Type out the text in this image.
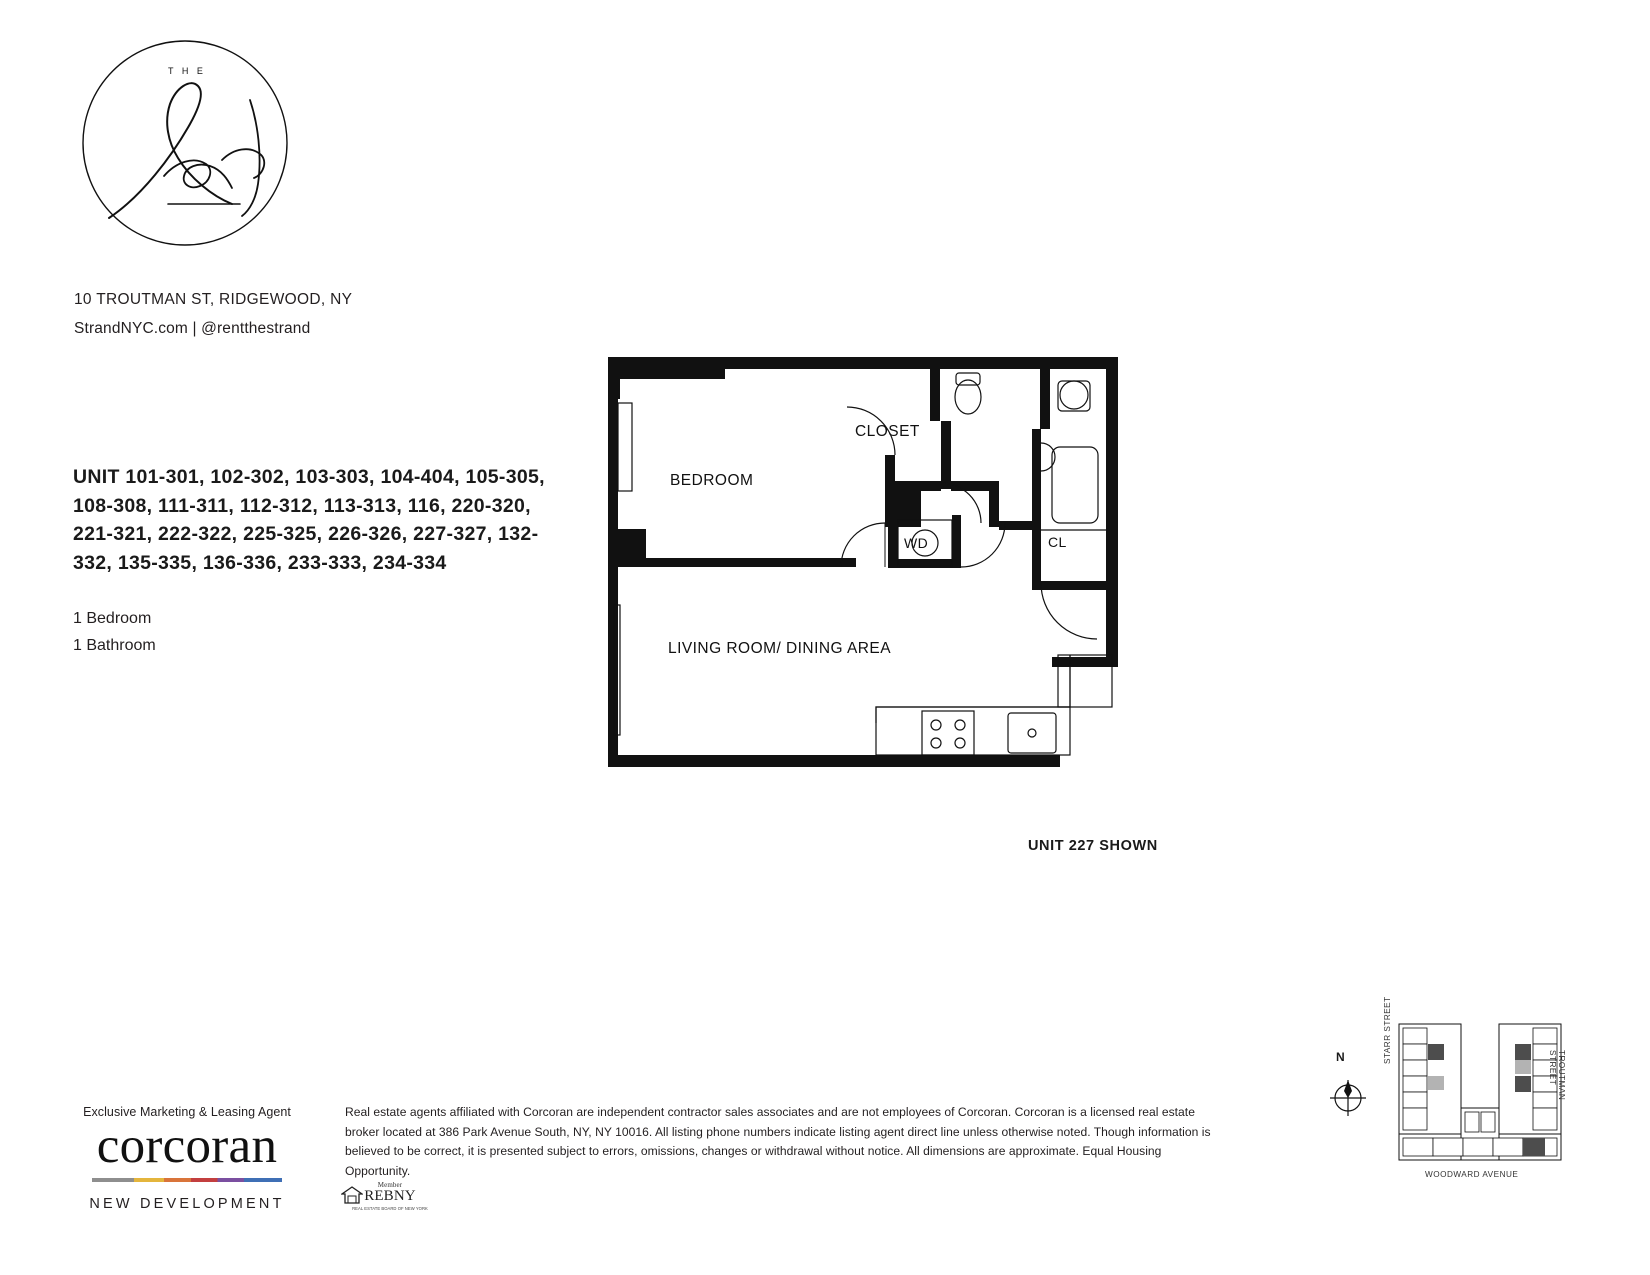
T H E
10 TROUTMAN ST, RIDGEWOOD, NY
StrandNYC.com | @rentthestrand
UNIT 101-301, 102-302, 103-303, 104-404, 105-305, 108-308, 111-311, 112-312, 113-313, 116, 220-320, 221-321, 222-322, 225-325, 226-326, 227-327, 132-332, 135-335, 136-336, 233-333, 234-334
1 Bedroom
1 Bathroom
BEDROOM
CLOSET
LIVING ROOM/ DINING AREA
WD	CL
UNIT 227 SHOWN
Exclusive Marketing & Leasing Agent
corcoran
NEW DEVELOPMENT
Member
REBNY
REAL ESTATE BOARD OF NEW YORK
Real estate agents affiliated with Corcoran are independent contractor sales associates and are not employees of Corcoran. Corcoran is a licensed real estate broker located at 386 Park Avenue South, NY, NY 10016. All listing phone numbers indicate listing agent direct line unless otherwise noted. Though information is believed to be correct, it is presented subject to errors, omissions, changes or withdrawal without notice. All dimensions are approximate. Equal Housing Opportunity.
N	STARR STREET
TROUTMAN STREET
WOODWARD AVENUE
